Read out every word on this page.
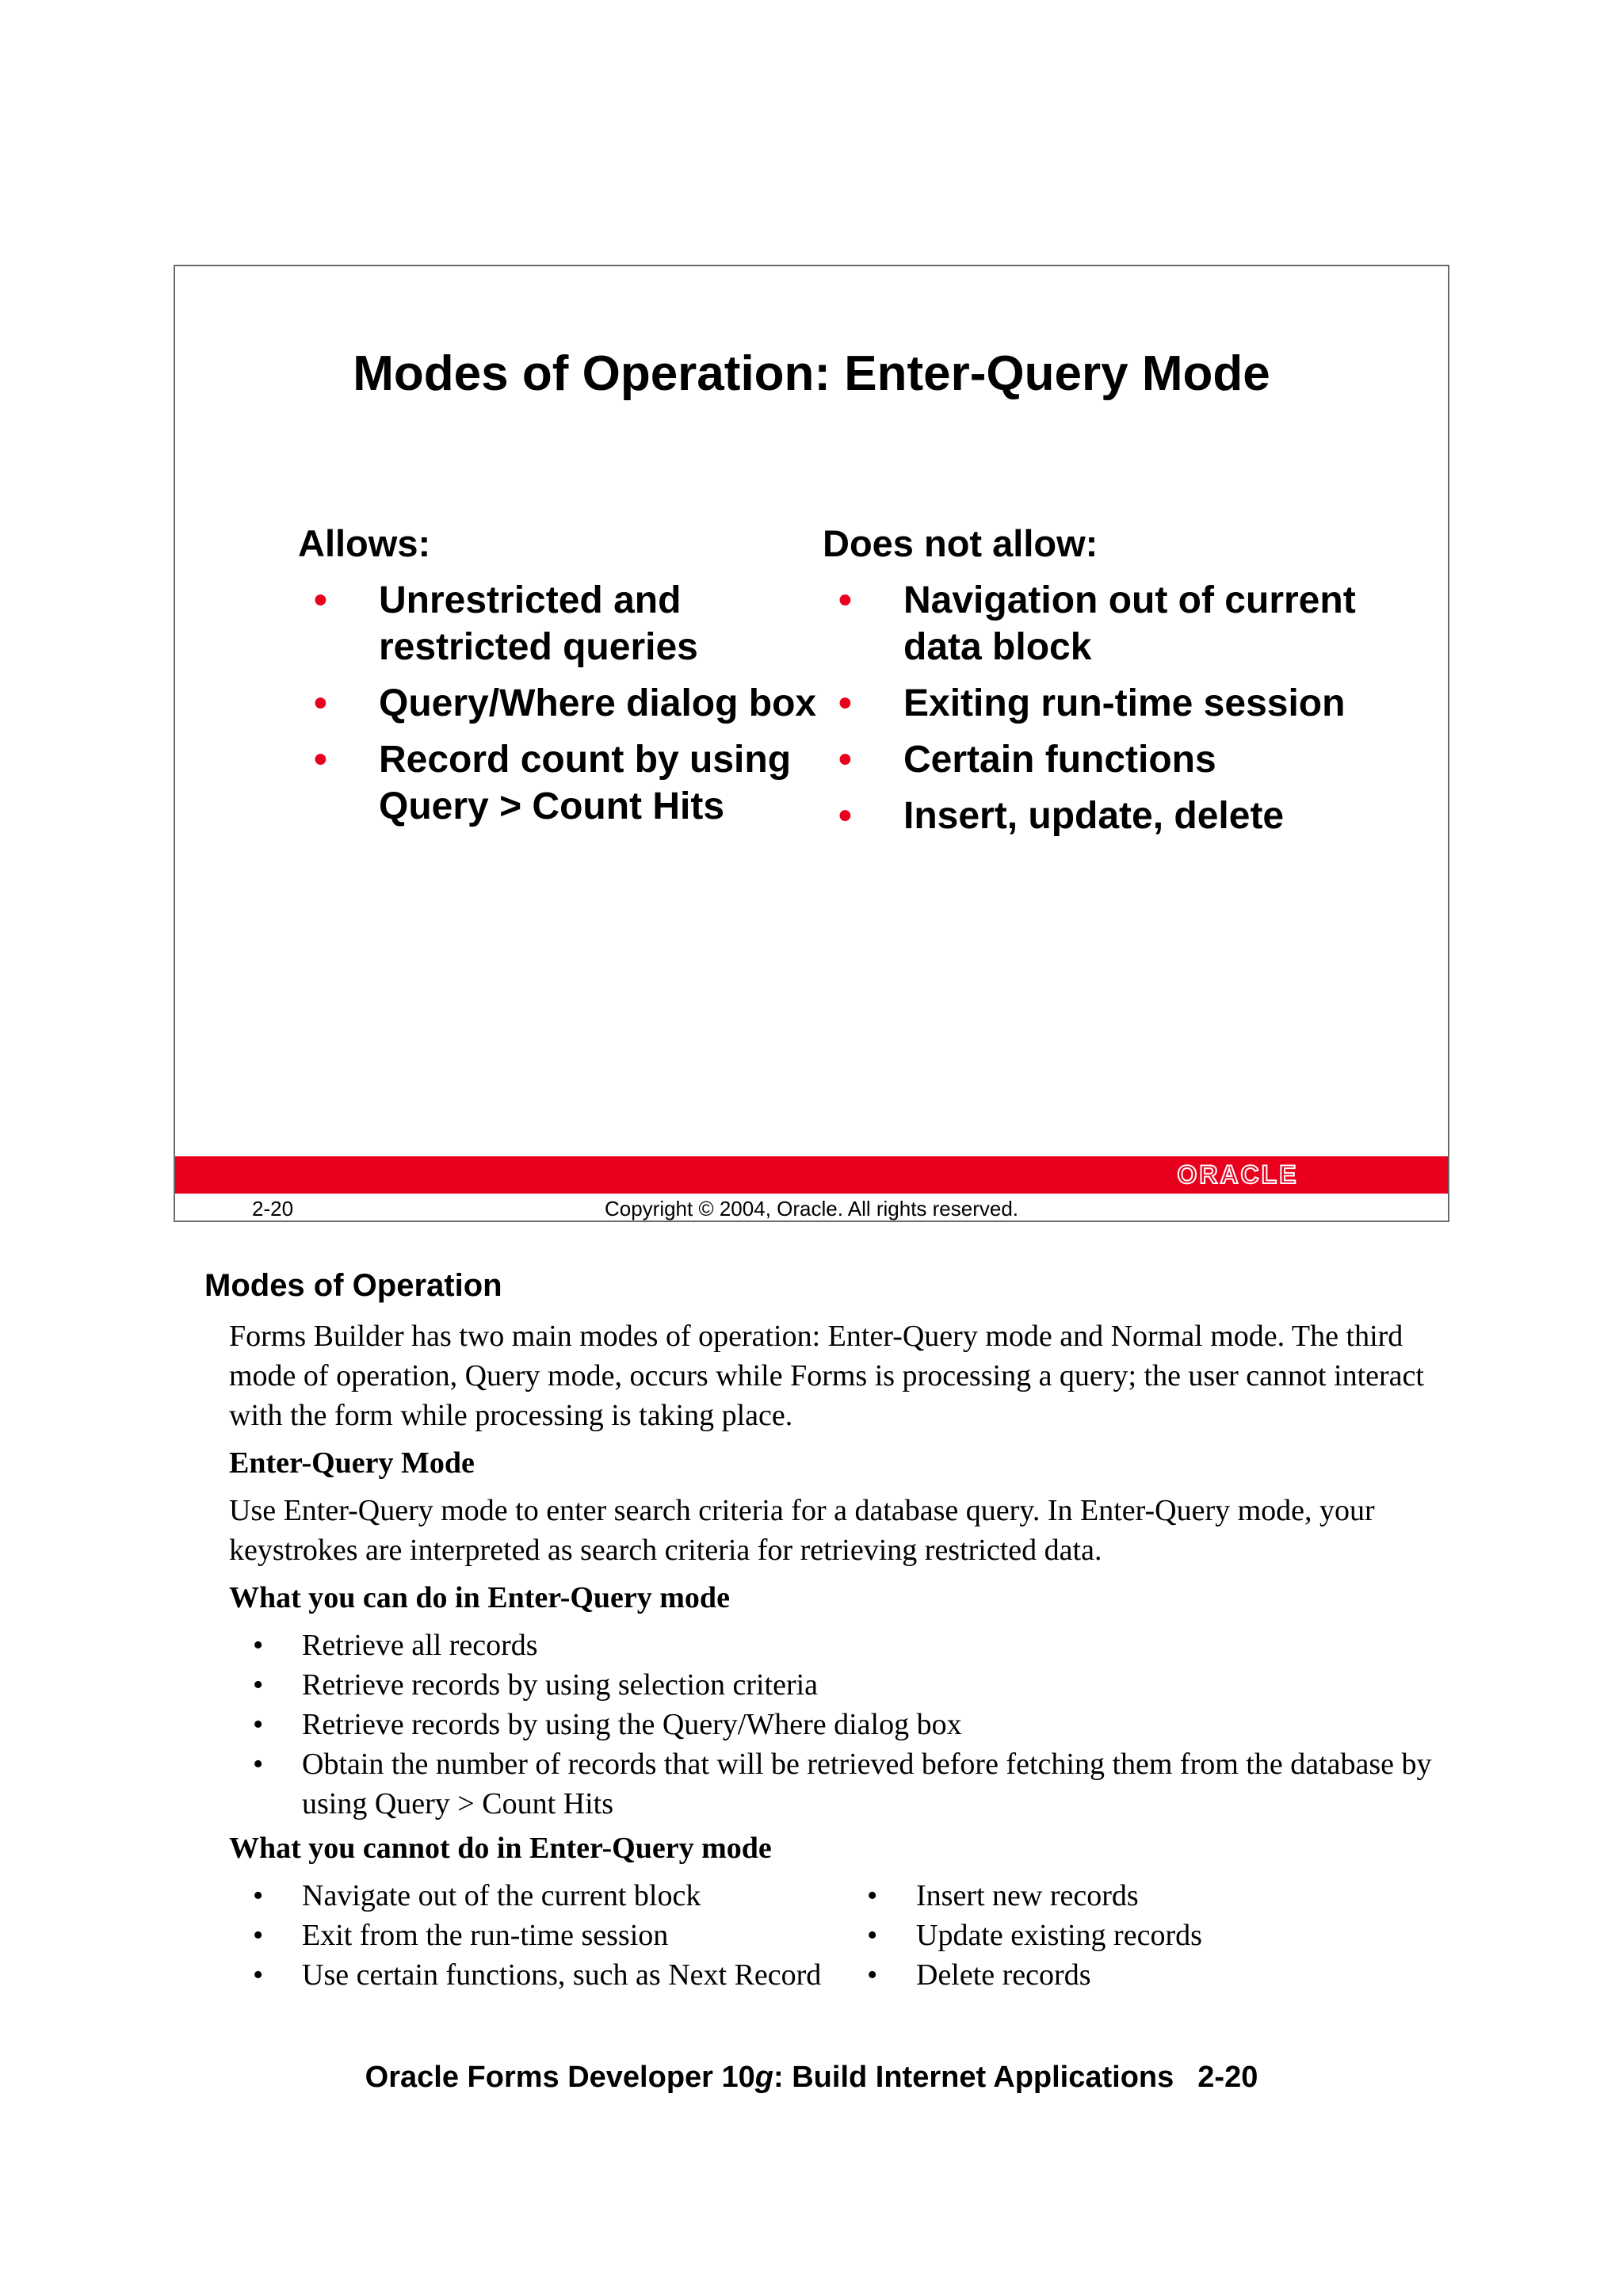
Modes of Operation: Enter-Query Mode
Allows:
• Unrestricted and restricted queries
• Query/Where dialog box
• Record count by using Query > Count Hits
Does not allow:
• Navigation out of current data block
• Exiting run-time session
• Certain functions
• Insert, update, delete
ORACLE
2-20	Copyright © 2004, Oracle. All rights reserved.
Modes of Operation

Forms Builder has two main modes of operation: Enter-Query mode and Normal mode. The third mode of operation, Query mode, occurs while Forms is processing a query; the user cannot interact with the form while processing is taking place.

Enter-Query Mode

Use Enter-Query mode to enter search criteria for a database query. In Enter-Query mode, your keystrokes are interpreted as search criteria for retrieving restricted data.

What you can do in Enter-Query mode

• Retrieve all records
• Retrieve records by using selection criteria
• Retrieve records by using the Query/Where dialog box
• Obtain the number of records that will be retrieved before fetching them from the database by using Query > Count Hits

What you cannot do in Enter-Query mode

• Navigate out of the current block
• Exit from the run-time session
• Use certain functions, such as Next Record
• Insert new records
• Update existing records
• Delete records
Oracle Forms Developer 10g: Build Internet Applications 2-20
